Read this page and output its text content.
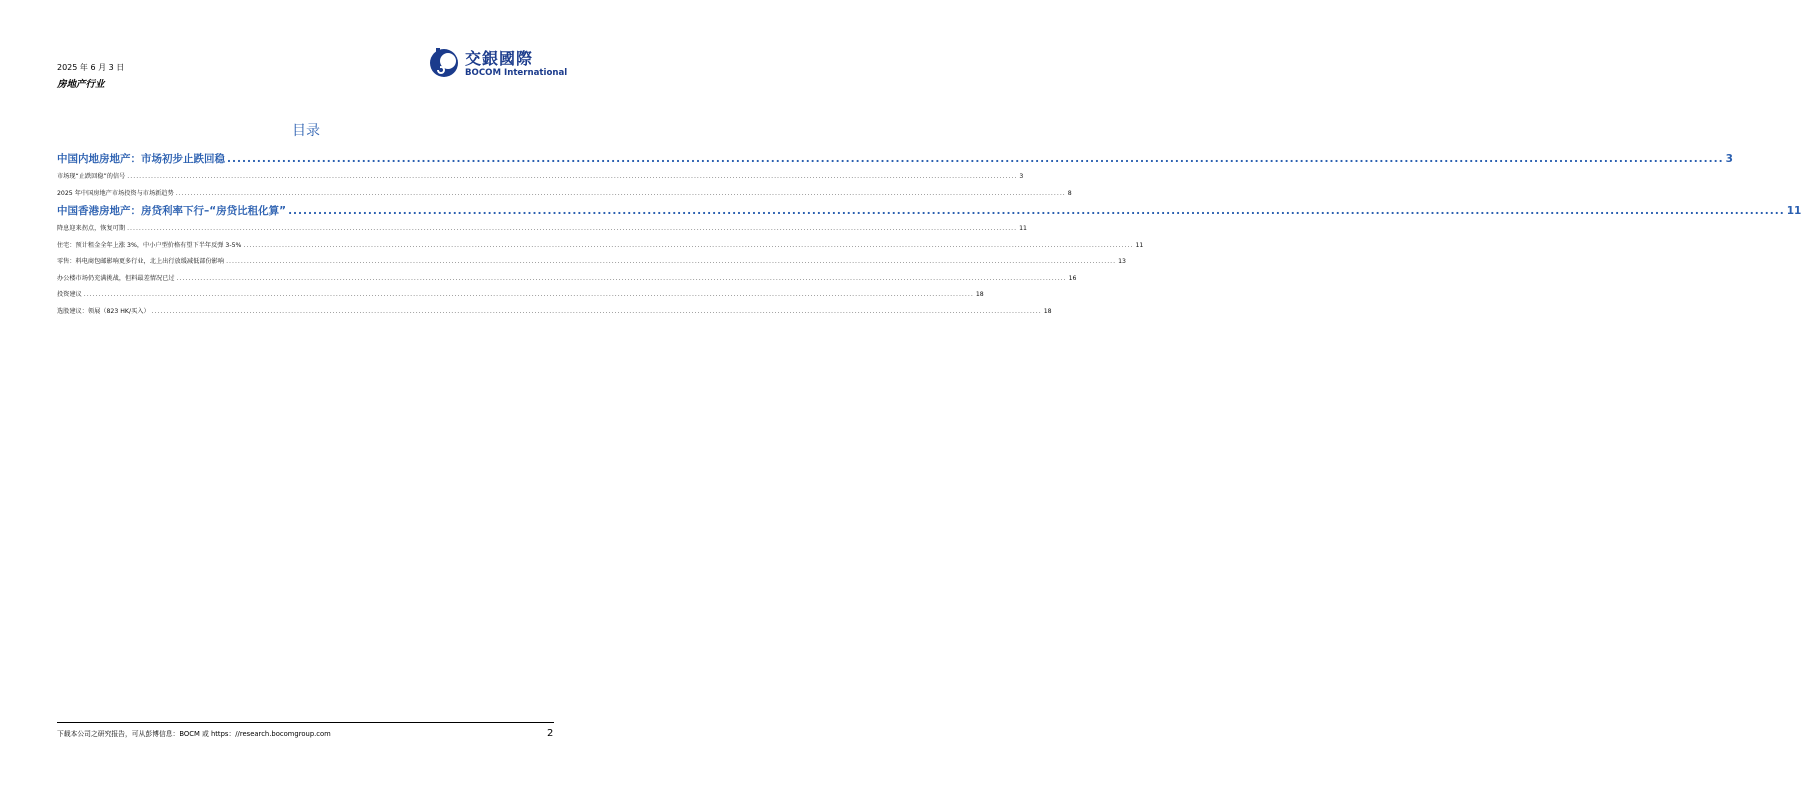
2025 年 6 月 3 日
房地产行业
交銀國際
BOCOM International
目录
中国内地房地产：市场初步止跌回稳 ............................................................................................................................................................................................................................................................................................................ 3
市场现“止跌回稳”的信号 ............................................................................................................................................................................................................................................................................................................ 3
2025 年中国房地产市场投资与市场新趋势 ............................................................................................................................................................................................................................................................................................................ 8
中国香港房地产：房贷利率下行–“房贷比租化算” ............................................................................................................................................................................................................................................................................................................ 11
降息迎来拐点，恢复可期 ............................................................................................................................................................................................................................................................................................................ 11
住宅：预计租金全年上涨 3%，中小户型价格有望下半年反弹 3-5% ............................................................................................................................................................................................................................................................................................................ 11
零售：料电商包邮影响更多行业，北上出行放缓减低部份影响 ............................................................................................................................................................................................................................................................................................................ 13
办公楼市场仍充满挑战，但料最差情况已过 ............................................................................................................................................................................................................................................................................................................ 16
投资建议 ............................................................................................................................................................................................................................................................................................................ 18
选股建议：领展（823 HK/买入） ............................................................................................................................................................................................................................................................................................................ 18
下载本公司之研究报告，可从彭博信息：BOCM 或 https：//research.bocomgroup.com	2
